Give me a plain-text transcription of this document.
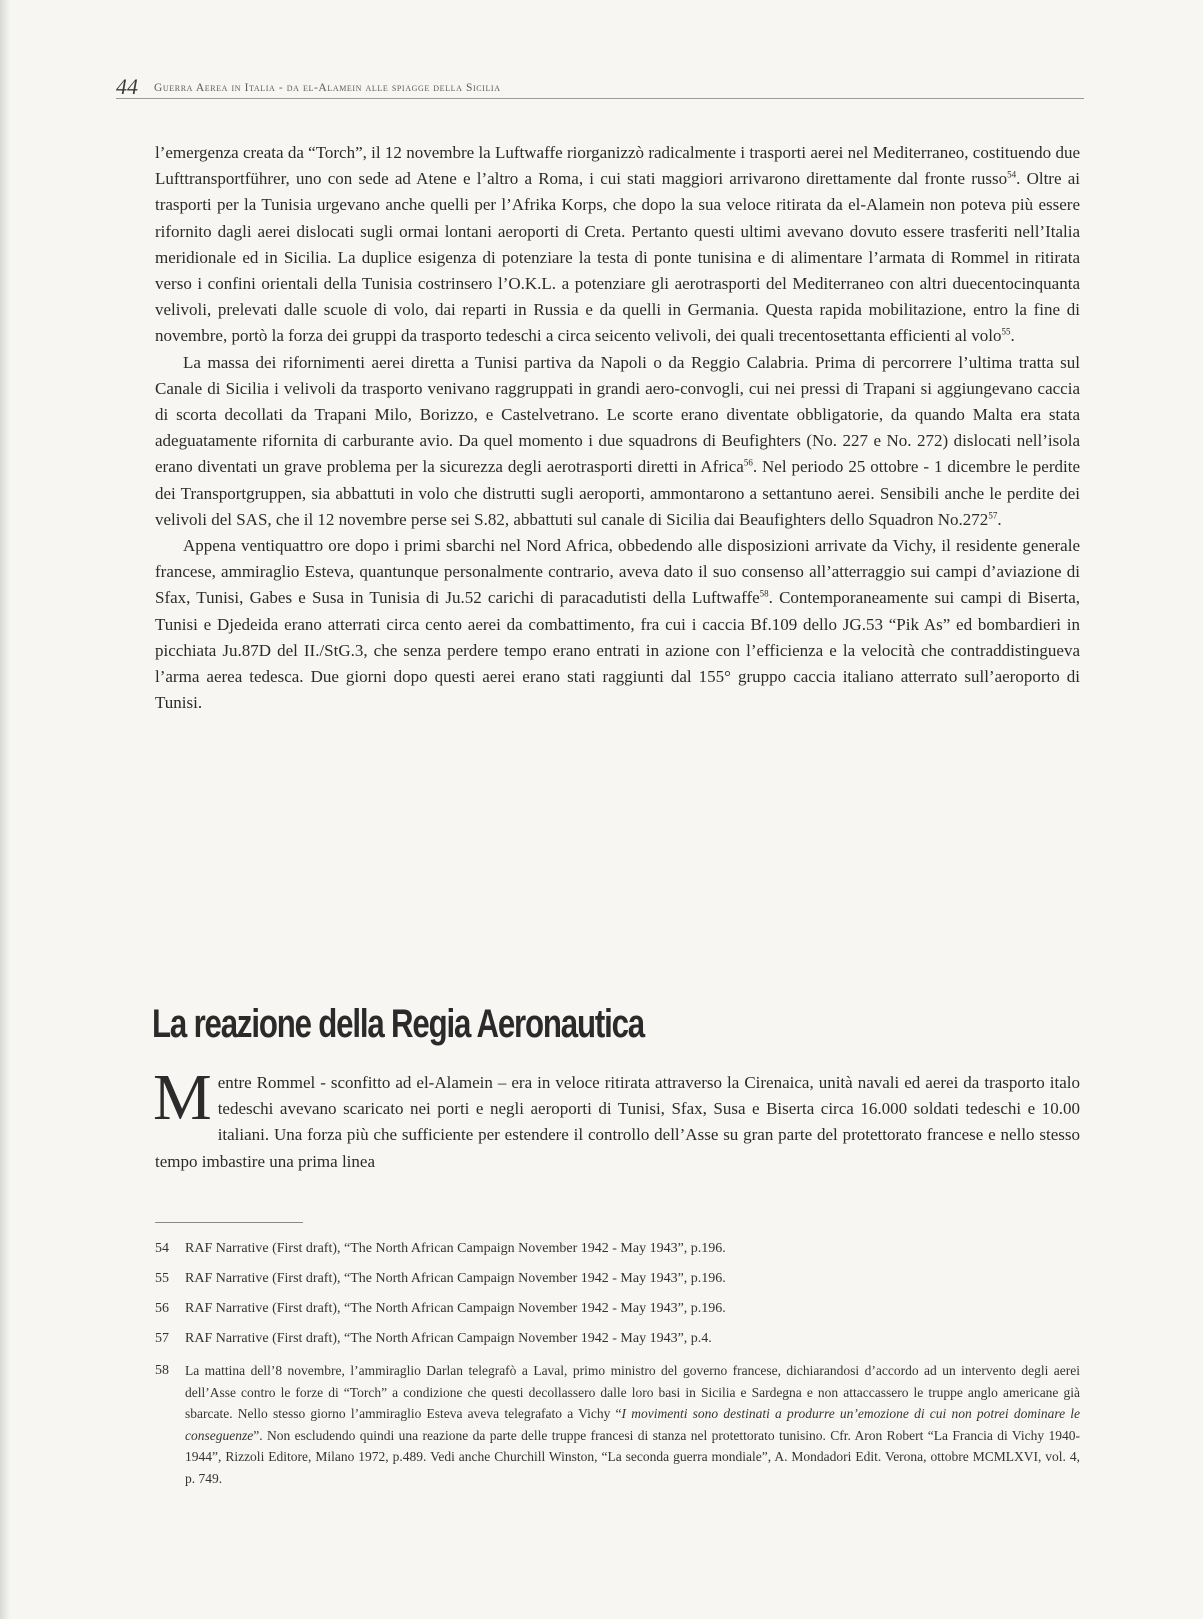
44 Guerra Aerea in Italia - da el-Alamein alle spiagge della Sicilia

l’emergenza creata da “Torch”, il 12 novembre la Luftwaffe riorganizzò radicalmente i trasporti aerei nel Mediterraneo, costituendo due Lufttransportführer, uno con sede ad Atene e l’altro a Roma, i cui stati maggiori arrivarono direttamente dal fronte russo$^{54}$. Oltre ai trasporti per la Tunisia urgevano anche quelli per l’Afrika Korps, che dopo la sua veloce ritirata da el-Alamein non poteva più essere rifornito dagli aerei dislocati sugli ormai lontani aeroporti di Creta. Pertanto questi ultimi avevano dovuto essere trasferiti nell’Italia meridionale ed in Sicilia. La duplice esigenza di potenziare la testa di ponte tunisina e di alimentare l’armata di Rommel in ritirata verso i confini orientali della Tunisia costrinsero l’O.K.L. a potenziare gli aerotrasporti del Mediterraneo con altri duecentocinquanta velivoli, prelevati dalle scuole di volo, dai reparti in Russia e da quelli in Germania. Questa rapida mobilitazione, entro la fine di novembre, portò la forza dei gruppi da trasporto tedeschi a circa seicento velivoli, dei quali trecentosettanta efficienti al volo$^{55}$.

La massa dei rifornimenti aerei diretta a Tunisi partiva da Napoli o da Reggio Calabria. Prima di percorrere l’ultima tratta sul Canale di Sicilia i velivoli da trasporto venivano raggruppati in grandi aero-convogli, cui nei pressi di Trapani si aggiungevano caccia di scorta decollati da Trapani Milo, Borizzo, e Castelvetrano. Le scorte erano diventate obbligatorie, da quando Malta era stata adeguatamente rifornita di carburante avio. Da quel momento i due squadrons di Beufighters (No. 227 e No. 272) dislocati nell’isola erano diventati un grave problema per la sicurezza degli aerotrasporti diretti in Africa$^{56}$. Nel periodo 25 ottobre - 1 dicembre le perdite dei Transportgruppen, sia abbattuti in volo che distrutti sugli aeroporti, ammontarono a settantuno aerei. Sensibili anche le perdite dei velivoli del SAS, che il 12 novembre perse sei S.82, abbattuti sul canale di Sicilia dai Beaufighters dello Squadron No.272$^{57}$.

Appena ventiquattro ore dopo i primi sbarchi nel Nord Africa, obbedendo alle disposizioni arrivate da Vichy, il residente generale francese, ammiraglio Esteva, quantunque personalmente contrario, aveva dato il suo consenso all’atterraggio sui campi d’aviazione di Sfax, Tunisi, Gabes e Susa in Tunisia di Ju.52 carichi di paracadutisti della Luftwaffe$^{58}$. Contemporaneamente sui campi di Biserta, Tunisi e Djedeida erano atterrati circa cento aerei da combattimento, fra cui i caccia Bf.109 dello JG.53 “Pik As” ed bombardieri in picchiata Ju.87D del II./StG.3, che senza perdere tempo erano entrati in azione con l’efficienza e la velocità che contraddistingueva l’arma aerea tedesca. Due giorni dopo questi aerei erano stati raggiunti dal 155° gruppo caccia italiano atterrato sull’aeroporto di Tunisi.

La reazione della Regia Aeronautica

Mentre Rommel - sconfitto ad el-Alamein – era in veloce ritirata attraverso la Cirenaica, unità navali ed aerei da trasporto italo tedeschi avevano scaricato nei porti e negli aeroporti di Tunisi, Sfax, Susa e Biserta circa 16.000 soldati tedeschi e 10.00 italiani. Una forza più che sufficiente per estendere il controllo dell’Asse su gran parte del protettorato francese e nello stesso tempo imbastire una prima linea

54	RAF Narrative (First draft), “The North African Campaign November 1942 - May 1943”, p.196.
55	RAF Narrative (First draft), “The North African Campaign November 1942 - May 1943”, p.196.
56	RAF Narrative (First draft), “The North African Campaign November 1942 - May 1943”, p.196.
57	RAF Narrative (First draft), “The North African Campaign November 1942 - May 1943”, p.4.
58	La mattina dell’8 novembre, l’ammiraglio Darlan telegrafò a Laval, primo ministro del governo francese, dichiarandosi d’accordo ad un intervento degli aerei dell’Asse contro le forze di “Torch” a condizione che questi decollassero dalle loro basi in Sicilia e Sardegna e non attaccassero le truppe anglo americane già sbarcate. Nello stesso giorno l’ammiraglio Esteva aveva telegrafato a Vichy “I movimenti sono destinati a produrre un’emozione di cui non potrei dominare le conseguenze”. Non escludendo quindi una reazione da parte delle truppe francesi di stanza nel protettorato tunisino. Cfr. Aron Robert “La Francia di Vichy 1940-1944”, Rizzoli Editore, Milano 1972, p.489. Vedi anche Churchill Winston, “La seconda guerra mondiale”, A. Mondadori Edit. Verona, ottobre MCMLXVI, vol. 4, p. 749.
